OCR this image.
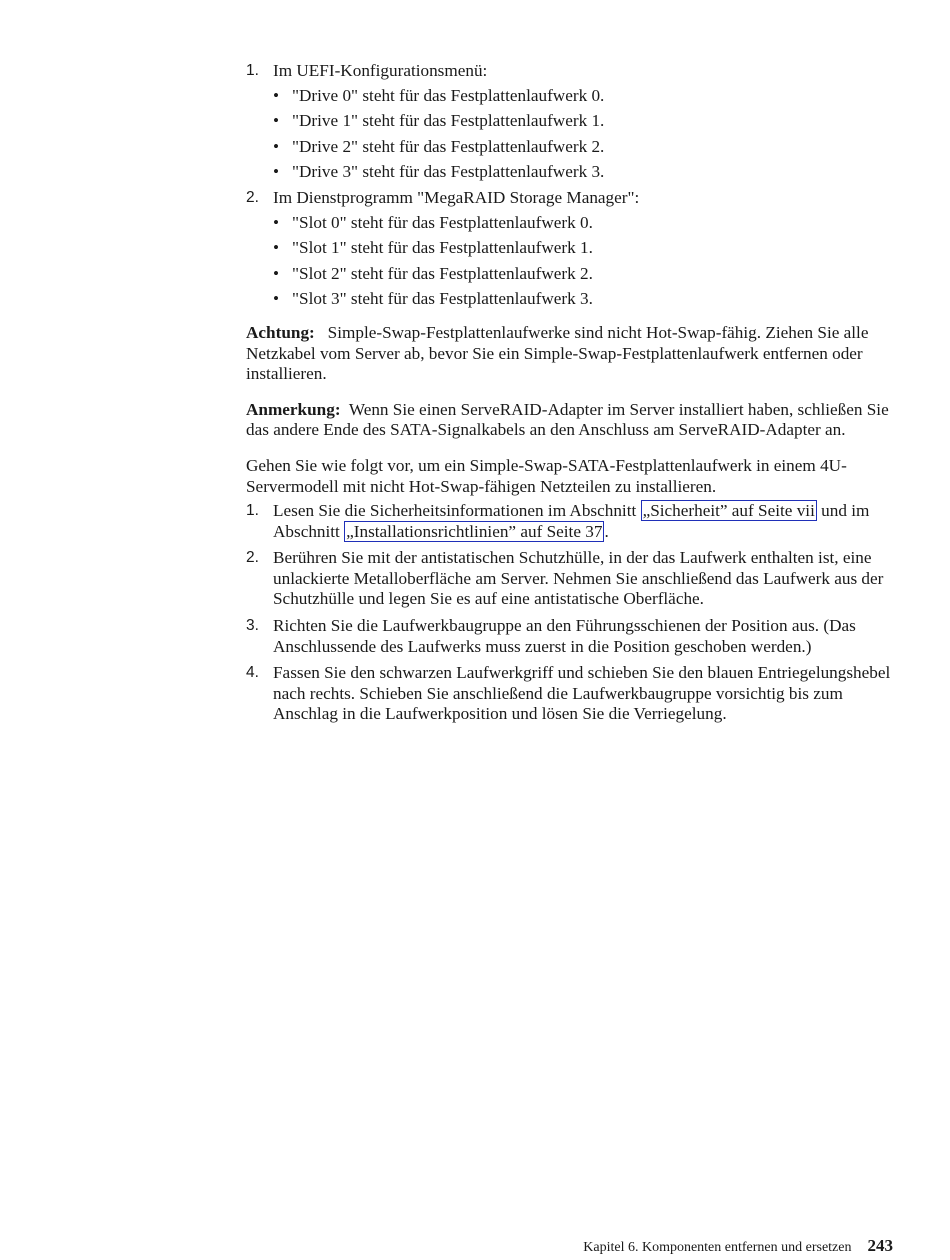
1. Im UEFI-Konfigurationsmenü:
• "Drive 0" steht für das Festplattenlaufwerk 0.
• "Drive 1" steht für das Festplattenlaufwerk 1.
• "Drive 2" steht für das Festplattenlaufwerk 2.
• "Drive 3" steht für das Festplattenlaufwerk 3.
2. Im Dienstprogramm "MegaRAID Storage Manager":
• "Slot 0" steht für das Festplattenlaufwerk 0.
• "Slot 1" steht für das Festplattenlaufwerk 1.
• "Slot 2" steht für das Festplattenlaufwerk 2.
• "Slot 3" steht für das Festplattenlaufwerk 3.

Achtung: Simple-Swap-Festplattenlaufwerke sind nicht Hot-Swap-fähig. Ziehen Sie alle Netzkabel vom Server ab, bevor Sie ein Simple-Swap-Festplattenlaufwerk entfernen oder installieren.

Anmerkung: Wenn Sie einen ServeRAID-Adapter im Server installiert haben, schließen Sie das andere Ende des SATA-Signalkabels an den Anschluss am ServeRAID-Adapter an.

Gehen Sie wie folgt vor, um ein Simple-Swap-SATA-Festplattenlaufwerk in einem 4U-Servermodell mit nicht Hot-Swap-fähigen Netzteilen zu installieren.

1. Lesen Sie die Sicherheitsinformationen im Abschnitt „Sicherheit” auf Seite vii und im Abschnitt „Installationsrichtlinien” auf Seite 37 .
2. Berühren Sie mit der antistatischen Schutzhülle, in der das Laufwerk enthalten ist, eine unlackierte Metalloberfläche am Server. Nehmen Sie anschließend das Laufwerk aus der Schutzhülle und legen Sie es auf eine antistatische Oberfläche.
3. Richten Sie die Laufwerkbaugruppe an den Führungsschienen der Position aus. (Das Anschlussende des Laufwerks muss zuerst in die Position geschoben werden.)
4. Fassen Sie den schwarzen Laufwerkgriff und schieben Sie den blauen Entriegelungshebel nach rechts. Schieben Sie anschließend die Laufwerkbaugruppe vorsichtig bis zum Anschlag in die Laufwerkposition und lösen Sie die Verriegelung.
Kapitel 6. Komponenten entfernen und ersetzen 243
